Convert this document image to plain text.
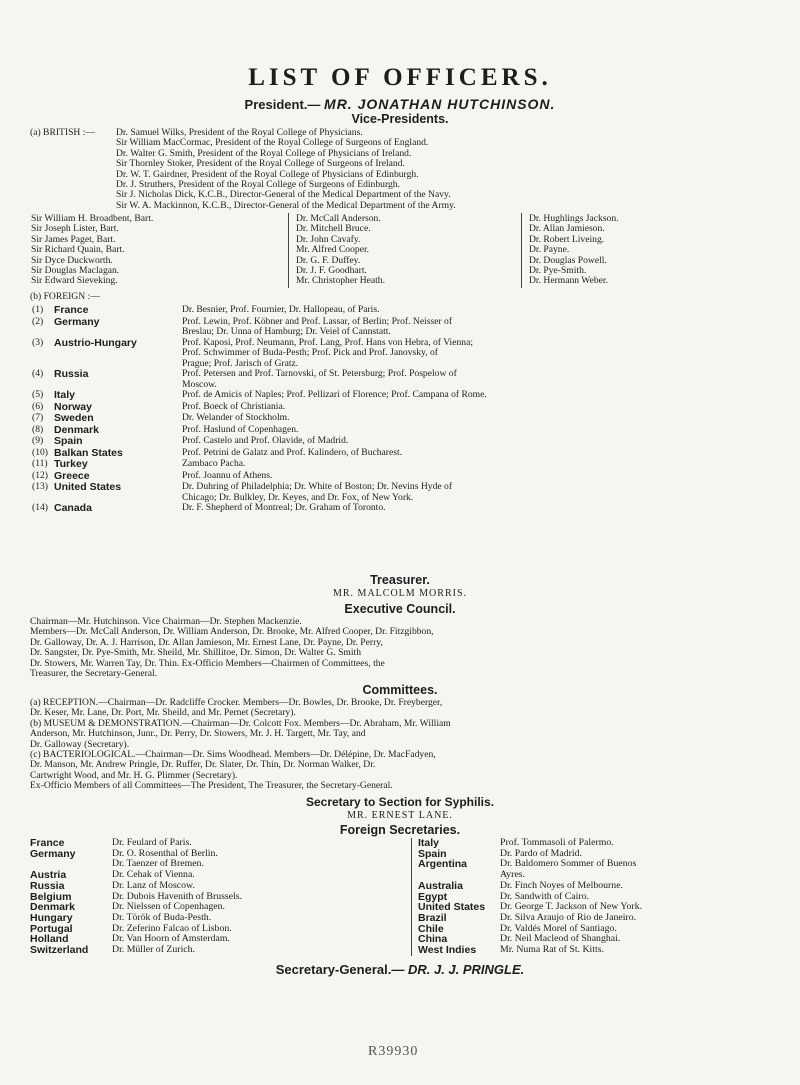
LIST OF OFFICERS.
President.— MR. JONATHAN HUTCHINSON.
Vice-Presidents.
(a) BRITISH :— Dr. Samuel Wilks, President of the Royal College of Physicians.
Sir William MacCormac, President of the Royal College of Surgeons of England.
Dr. Walter G. Smith, President of the Royal College of Physicians of Ireland.
Sir Thornley Stoker, President of the Royal College of Surgeons of Ireland.
Dr. W. T. Gairdner, President of the Royal College of Physicians of Edinburgh.
Dr. J. Struthers, President of the Royal College of Surgeons of Edinburgh.
Sir J. Nicholas Dick, K.C.B., Director-General of the Medical Department of the Navy.
Sir W. A. Mackinnon, K.C.B., Director-General of the Medical Department of the Army.
Sir William H. Broadbent, Bart.
Sir Joseph Lister, Bart.
Sir James Paget, Bart.
Sir Richard Quain, Bart.
Sir Dyce Duckworth.
Sir Douglas Maclagan.
Sir Edward Sieveking.
Dr. McCall Anderson.
Dr. Mitchell Bruce.
Dr. John Cavafy.
Mr. Alfred Cooper.
Dr. G. F. Duffey.
Dr. J. F. Goodhart.
Mr. Christopher Heath.
Dr. Hughlings Jackson.
Dr. Allan Jamieson.
Dr. Robert Liveing.
Dr. Payne.
Dr. Douglas Powell.
Dr. Pye-Smith.
Dr. Hermann Weber.
(b) FOREIGN :—
(1)	France	Dr. Besnier, Prof. Fournier, Dr. Hallopeau, of Paris.

(2)	Germany	Prof. Lewin, Prof. Köbner and Prof. Lassar, of Berlin; Prof. Neisser of
Breslau; Dr. Unna of Hamburg; Dr. Veiel of Cannstatt.

(3)	Austrio-Hungary	Prof. Kaposi, Prof. Neumann, Prof. Lang, Prof. Hans von Hebra, of Vienna;
Prof. Schwimmer of Buda-Pesth; Prof. Pick and Prof. Janovsky, of
Prague; Prof. Jarisch of Gratz.

(4)	Russia	Prof. Petersen and Prof. Tarnovski, of St. Petersburg; Prof. Pospelow of
Moscow.

(5)	Italy	Prof. de Amicis of Naples; Prof. Pellizari of Florence; Prof. Campana of Rome.

(6)	Norway	Prof. Boeck of Christiania.

(7)	Sweden	Dr. Welander of Stockholm.

(8)	Denmark	Prof. Haslund of Copenhagen.

(9)	Spain	Prof. Castelo and Prof. Olavide, of Madrid.

(10)	Balkan States	Prof. Petrini de Galatz and Prof. Kalindero, of Bucharest.

(11)	Turkey	Zambaco Pacha.

(12)	Greece	Prof. Joannu of Athens.

(13)	United States	Dr. Duhring of Philadelphia; Dr. White of Boston; Dr. Nevins Hyde of
Chicago; Dr. Bulkley, Dr. Keyes, and Dr. Fox, of New York.

(14)	Canada	Dr. F. Shepherd of Montreal; Dr. Graham of Toronto.
Treasurer.
MR. MALCOLM MORRIS.
Executive Council.
Chairman—Mr. Hutchinson. Vice Chairman—Dr. Stephen Mackenzie.
Members—Dr. McCall Anderson, Dr. William Anderson, Dr. Brooke, Mr. Alfred Cooper, Dr. Fitzgibbon,
Dr. Galloway, Dr. A. J. Harrison, Dr. Allan Jamieson, Mr. Ernest Lane, Dr. Payne, Dr. Perry,
Dr. Sangster, Dr. Pye-Smith, Mr. Sheild, Mr. Shillitoe, Dr. Simon, Dr. Walter G. Smith
Dr. Stowers, Mr. Warren Tay, Dr. Thin. Ex-Officio Members—Chairmen of Committees, the
Treasurer, the Secretary-General.
Committees.
(a) RECEPTION.—Chairman—Dr. Radcliffe Crocker. Members—Dr. Bowles, Dr. Brooke, Dr. Freyberger,
Dr. Keser, Mr. Lane, Dr. Port, Mr. Sheild, and Mr. Pernet (Secretary).
(b) MUSEUM & DEMONSTRATION.—Chairman—Dr. Colcott Fox. Members—Dr. Abraham, Mr. William
Anderson, Mr. Hutchinson, Junr., Dr. Perry, Dr. Stowers, Mr. J. H. Targett, Mr. Tay, and
Dr. Galloway (Secretary).
(c) BACTERIOLOGICAL.—Chairman—Dr. Sims Woodhead. Members—Dr. Délépine, Dr. MacFadyen,
Dr. Manson, Mr. Andrew Pringle, Dr. Ruffer, Dr. Slater, Dr. Thin, Dr. Norman Walker, Dr.
Cartwright Wood, and Mr. H. G. Plimmer (Secretary).
Ex-Officio Members of all Committees—The President, The Treasurer, the Secretary-General.
Secretary to Section for Syphilis.
MR. ERNEST LANE.
Foreign Secretaries.
France	Dr. Feulard of Paris.
Germany	Dr. O. Rosenthal of Berlin.
Dr. Taenzer of Bremen.
Austria	Dr. Cehak of Vienna.
Russia	Dr. Lanz of Moscow.
Belgium	Dr. Dubois Havenith of Brussels.
Denmark	Dr. Nielssen of Copenhagen.
Hungary	Dr. Török of Buda-Pesth.
Portugal	Dr. Zeferino Falcao of Lisbon.
Holland	Dr. Van Hoorn of Amsterdam.
Switzerland	Dr. Müller of Zurich.
Italy	Prof. Tommasoli of Palermo.
Spain	Dr. Pardo of Madrid.
Argentina	Dr. Baldomero Sommer of Buenos
Ayres.
Australia	Dr. Finch Noyes of Melbourne.
Egypt	Dr. Sandwith of Cairo.
United States	Dr. George T. Jackson of New York.
Brazil	Dr. Silva Araujo of Rio de Janeiro.
Chile	Dr. Valdés Morel of Santiago.
China	Dr. Neil Macleod of Shanghai.
West Indies	Mr. Numa Rat of St. Kitts.
Secretary-General.— DR. J. J. PRINGLE.
R39930
